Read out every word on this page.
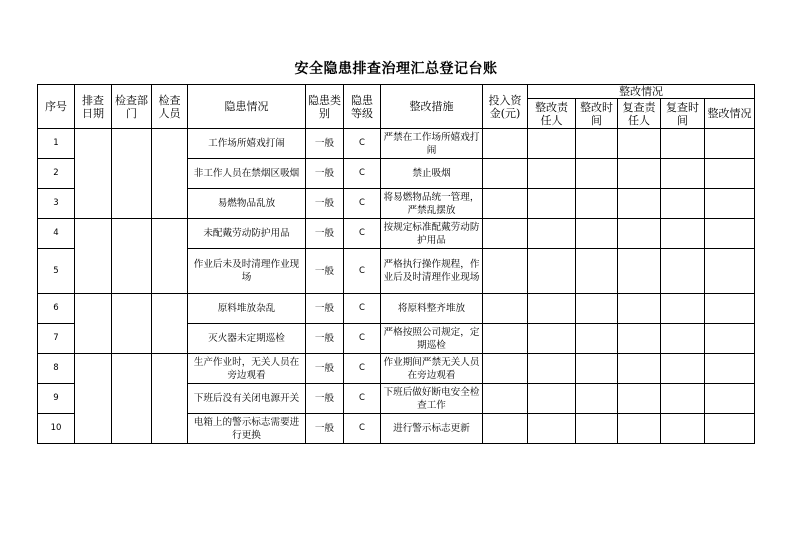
安全隐患排查治理汇总登记台账
序号	排查日期	检查部门	检查人员	隐患情况	隐患类别	隐患等级	整改措施	投入资金(元)	整改情况				
									整改责任人	整改时间	复查责任人	复查时间	整改情况
1				工作场所嬉戏打闹	一般	C	严禁在工作场所嬉戏打闹						
2				非工作人员在禁烟区吸烟	一般	C	禁止吸烟						
3				易燃物品乱放	一般	C	将易燃物品统一管理，严禁乱摆放						
4				未配戴劳动防护用品	一般	C	按规定标准配戴劳动防护用品						
5				作业后未及时清理作业现场	一般	C	严格执行操作规程，作业后及时清理作业现场						
6				原料堆放杂乱	一般	C	将原料整齐堆放						
7				灭火器未定期巡检	一般	C	严格按照公司规定，定期巡检						
8				生产作业时，无关人员在旁边观看	一般	C	作业期间严禁无关人员在旁边观看						
9				下班后没有关闭电源开关	一般	C	下班后做好断电安全检查工作						
10				电箱上的警示标志需要进行更换	一般	C	进行警示标志更新						
